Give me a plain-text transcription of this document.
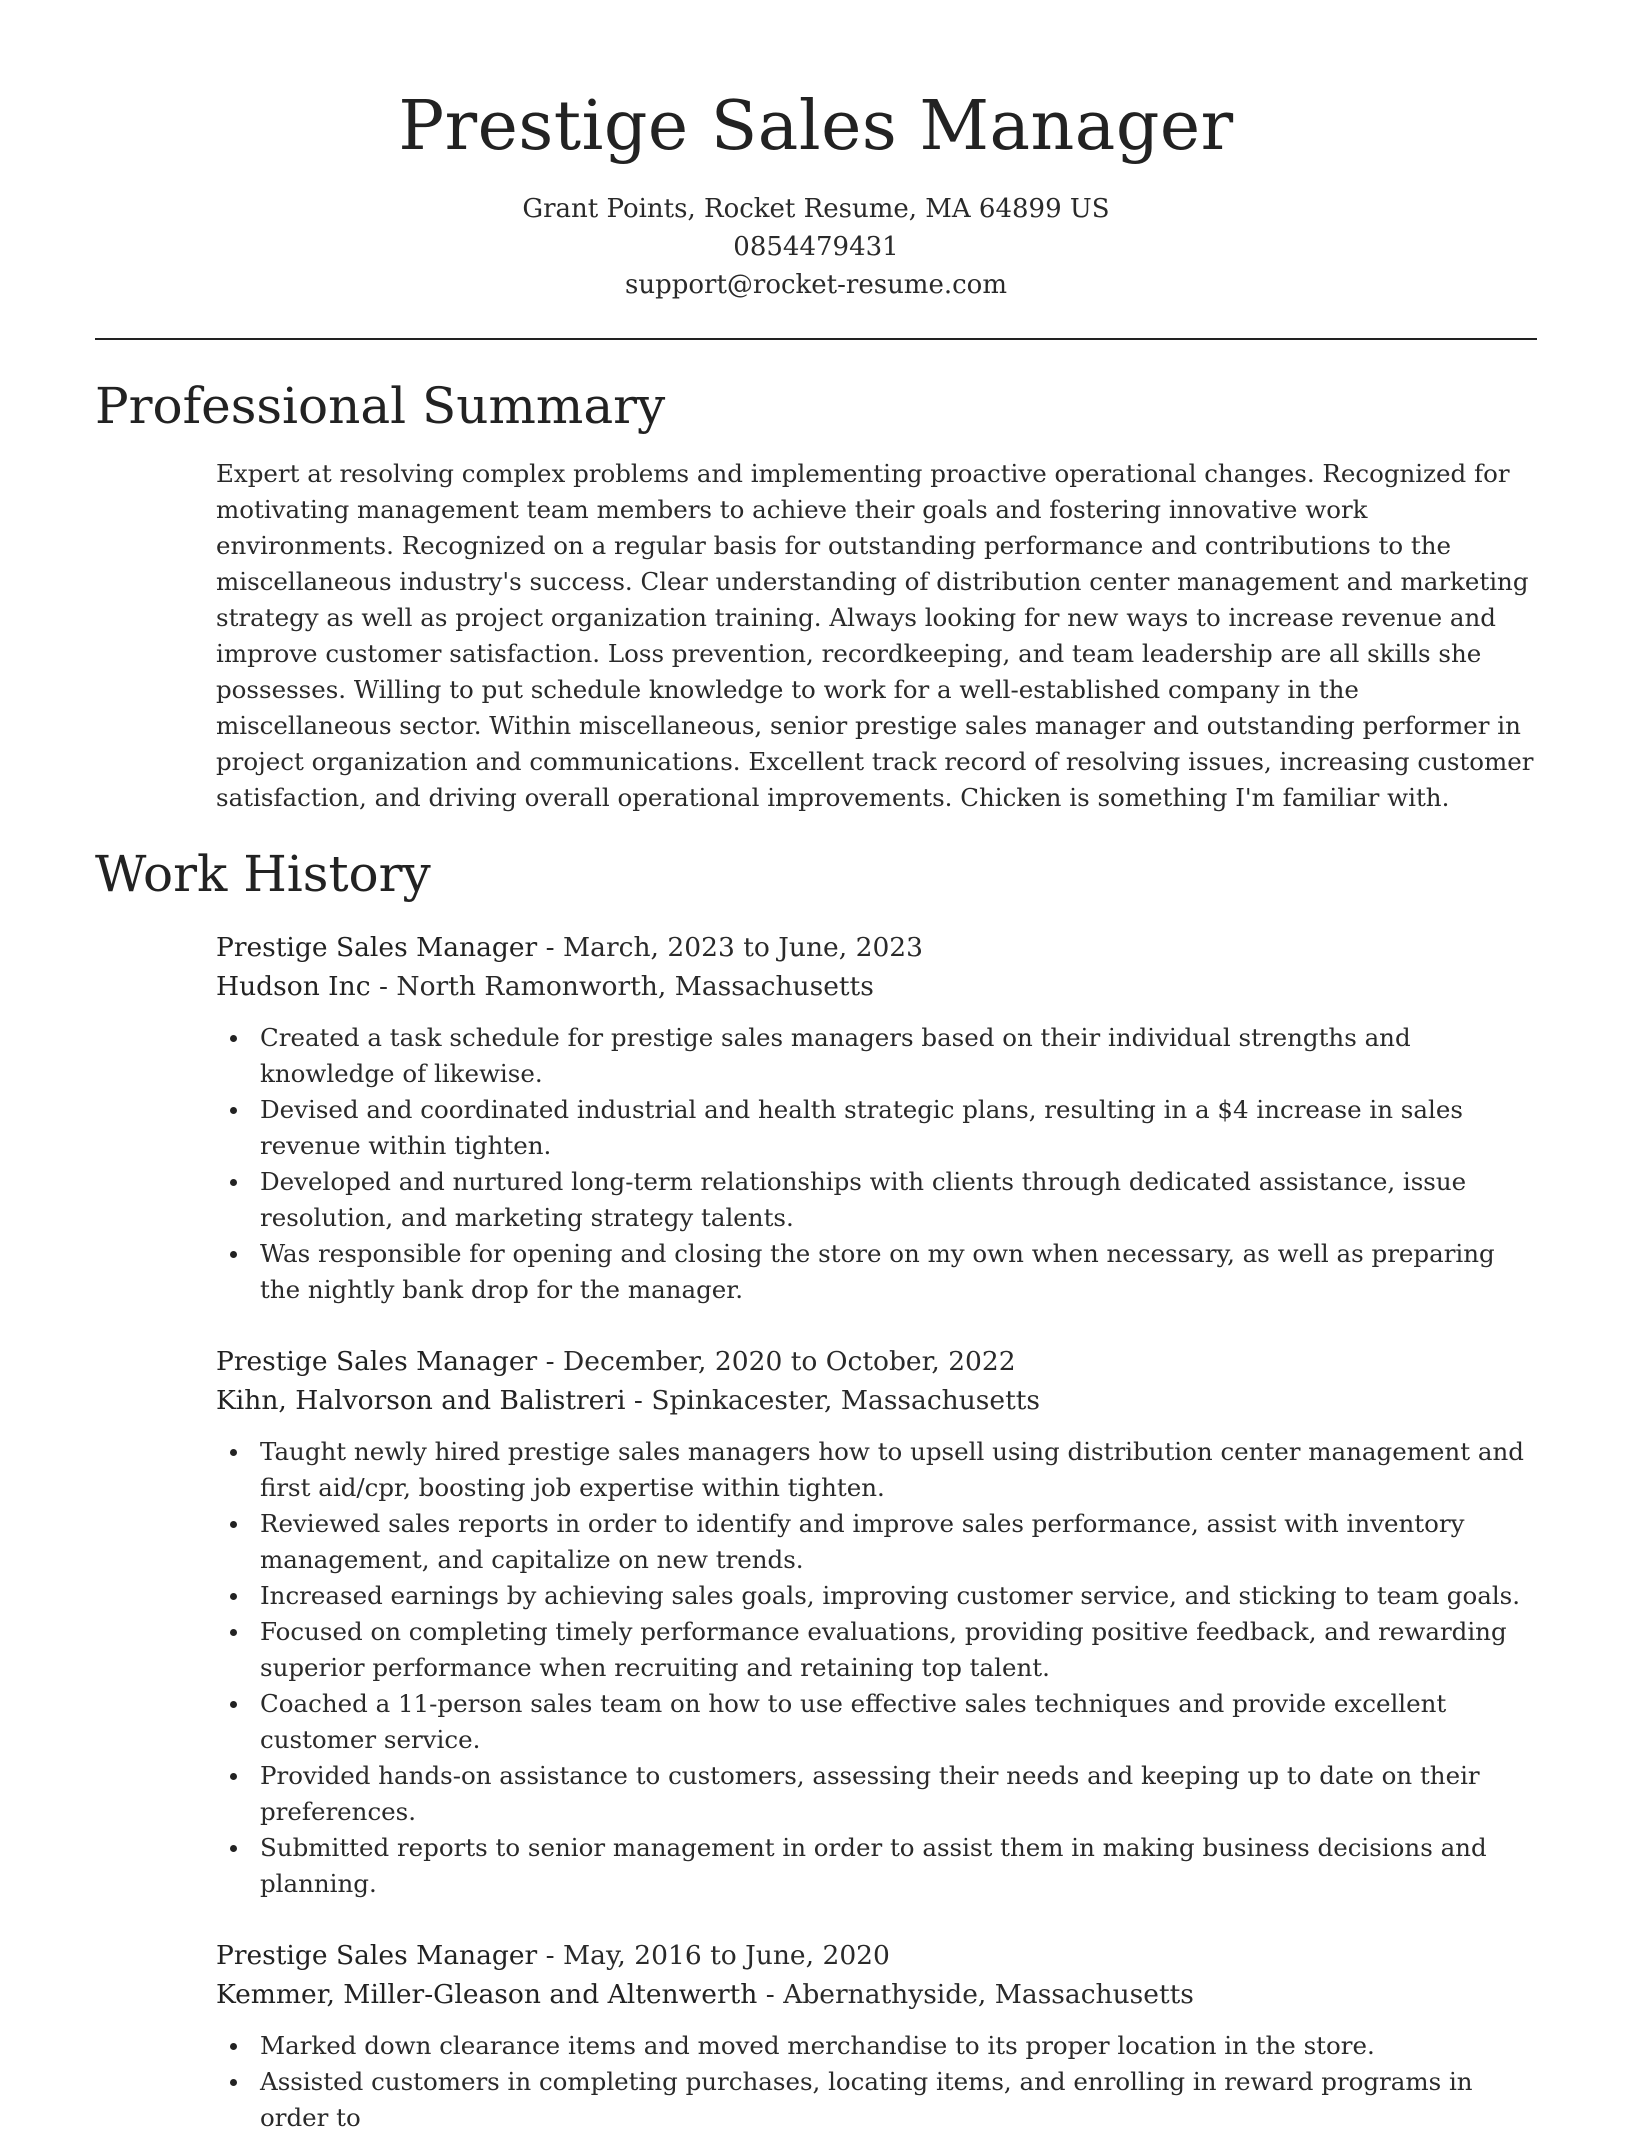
Prestige Sales Manager

Grant Points, Rocket Resume, MA 64899 US

0854479431

support@rocket-resume.com

Professional Summary

Expert at resolving complex problems and implementing proactive operational changes. Recognized for motivating management team members to achieve their goals and fostering innovative work environments. Recognized on a regular basis for outstanding performance and contributions to the miscellaneous industry's success. Clear understanding of distribution center management and marketing strategy as well as project organization training. Always looking for new ways to increase revenue and improve customer satisfaction. Loss prevention, recordkeeping, and team leadership are all skills she possesses. Willing to put schedule knowledge to work for a well-established company in the miscellaneous sector. Within miscellaneous, senior prestige sales manager and outstanding performer in project organization and communications. Excellent track record of resolving issues, increasing customer satisfaction, and driving overall operational improvements. Chicken is something I'm familiar with.

Work History

Prestige Sales Manager - March, 2023 to June, 2023

Hudson Inc - North Ramonworth, Massachusetts

Created a task schedule for prestige sales managers based on their individual strengths and knowledge of likewise.
Devised and coordinated industrial and health strategic plans, resulting in a $4 increase in sales revenue within tighten.
Developed and nurtured long-term relationships with clients through dedicated assistance, issue resolution, and marketing strategy talents.
Was responsible for opening and closing the store on my own when necessary, as well as preparing the nightly bank drop for the manager.

Prestige Sales Manager - December, 2020 to October, 2022

Kihn, Halvorson and Balistreri - Spinkacester, Massachusetts

Taught newly hired prestige sales managers how to upsell using distribution center management and first aid/cpr, boosting job expertise within tighten.
Reviewed sales reports in order to identify and improve sales performance, assist with inventory management, and capitalize on new trends.
Increased earnings by achieving sales goals, improving customer service, and sticking to team goals.
Focused on completing timely performance evaluations, providing positive feedback, and rewarding superior performance when recruiting and retaining top talent.
Coached a 11-person sales team on how to use effective sales techniques and provide excellent customer service.
Provided hands-on assistance to customers, assessing their needs and keeping up to date on their preferences.
Submitted reports to senior management in order to assist them in making business decisions and planning.

Prestige Sales Manager - May, 2016 to June, 2020

Kemmer, Miller-Gleason and Altenwerth - Abernathyside, Massachusetts

Marked down clearance items and moved merchandise to its proper location in the store.
Assisted customers in completing purchases, locating items, and enrolling in reward programs in order to
